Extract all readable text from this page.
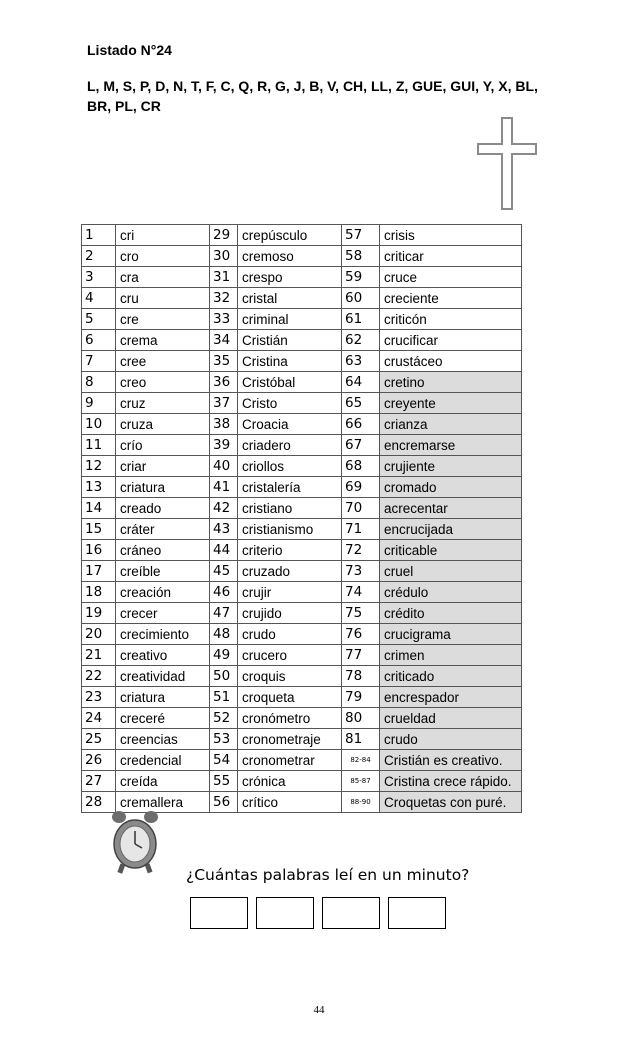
Listado N°24
L, M, S, P, D, N, T, F, C, Q, R, G, J, B, V, CH, LL, Z, GUE, GUI, Y, X, BL, BR, PL, CR
1	cri	29	crepúsculo	57	crisis
2	cro	30	cremoso	58	criticar
3	cra	31	crespo	59	cruce
4	cru	32	cristal	60	creciente
5	cre	33	criminal	61	criticón
6	crema	34	Cristián	62	crucificar
7	cree	35	Cristina	63	crustáceo
8	creo	36	Cristóbal	64	cretino
9	cruz	37	Cristo	65	creyente
10	cruza	38	Croacia	66	crianza
11	crío	39	criadero	67	encremarse
12	criar	40	criollos	68	crujiente
13	criatura	41	cristalería	69	cromado
14	creado	42	cristiano	70	acrecentar
15	cráter	43	cristianismo	71	encrucijada
16	cráneo	44	criterio	72	criticable
17	creíble	45	cruzado	73	cruel
18	creación	46	crujir	74	crédulo
19	crecer	47	crujido	75	crédito
20	crecimiento	48	crudo	76	crucigrama
21	creativo	49	crucero	77	crimen
22	creatividad	50	croquis	78	criticado
23	criatura	51	croqueta	79	encrespador
24	creceré	52	cronómetro	80	crueldad
25	creencias	53	cronometraje	81	crudo
26	credencial	54	cronometrar	82-84	Cristián es creativo.
27	creída	55	crónica	85-87	Cristina crece rápido.
28	cremallera	56	crítico	88-90	Croquetas con puré.
¿Cuántas palabras leí en un minuto?
44
